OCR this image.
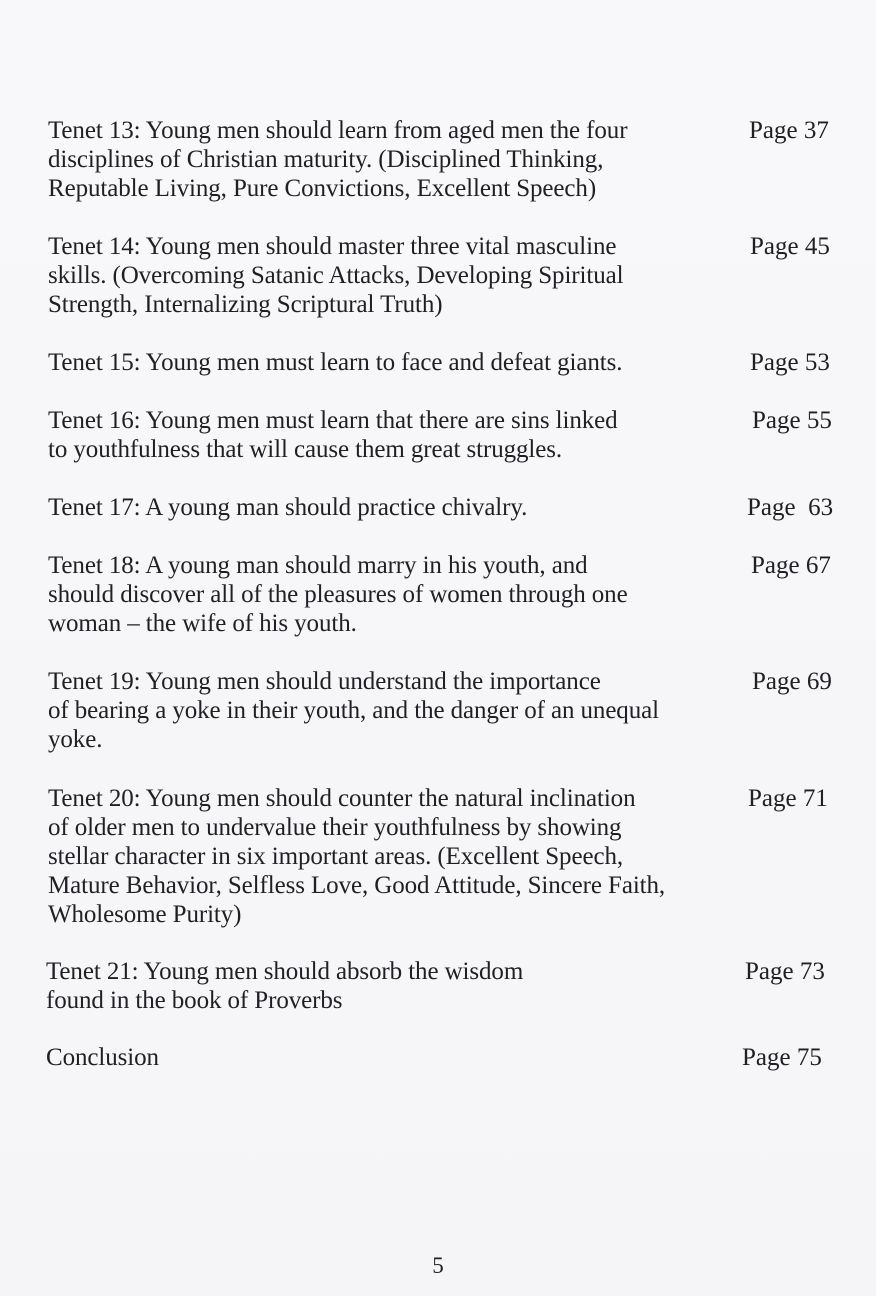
Tenet 13: Young men should learn from aged men the four
disciplines of Christian maturity. (Disciplined Thinking,
Reputable Living, Pure Convictions, Excellent Speech)
Page 37
Tenet 14: Young men should master three vital masculine
skills. (Overcoming Satanic Attacks, Developing Spiritual
Strength, Internalizing Scriptural Truth)
Page 45
Tenet 15: Young men must learn to face and defeat giants.	Page 53
Tenet 16: Young men must learn that there are sins linked
to youthfulness that will cause them great struggles.
Page 55
Tenet 17: A young man should practice chivalry.	Page  63
Tenet 18: A young man should marry in his youth, and
should discover all of the pleasures of women through one
woman – the wife of his youth.
Page 67
Tenet 19: Young men should understand the importance
of bearing a yoke in their youth, and the danger of an unequal
yoke.
Page 69
Tenet 20: Young men should counter the natural inclination
of older men to undervalue their youthfulness by showing
stellar character in six important areas. (Excellent Speech,
Mature Behavior, Selfless Love, Good Attitude, Sincere Faith,
Wholesome Purity)
Page 71
Tenet 21: Young men should absorb the wisdom
found in the book of Proverbs
Page 73
Conclusion	Page 75
5
